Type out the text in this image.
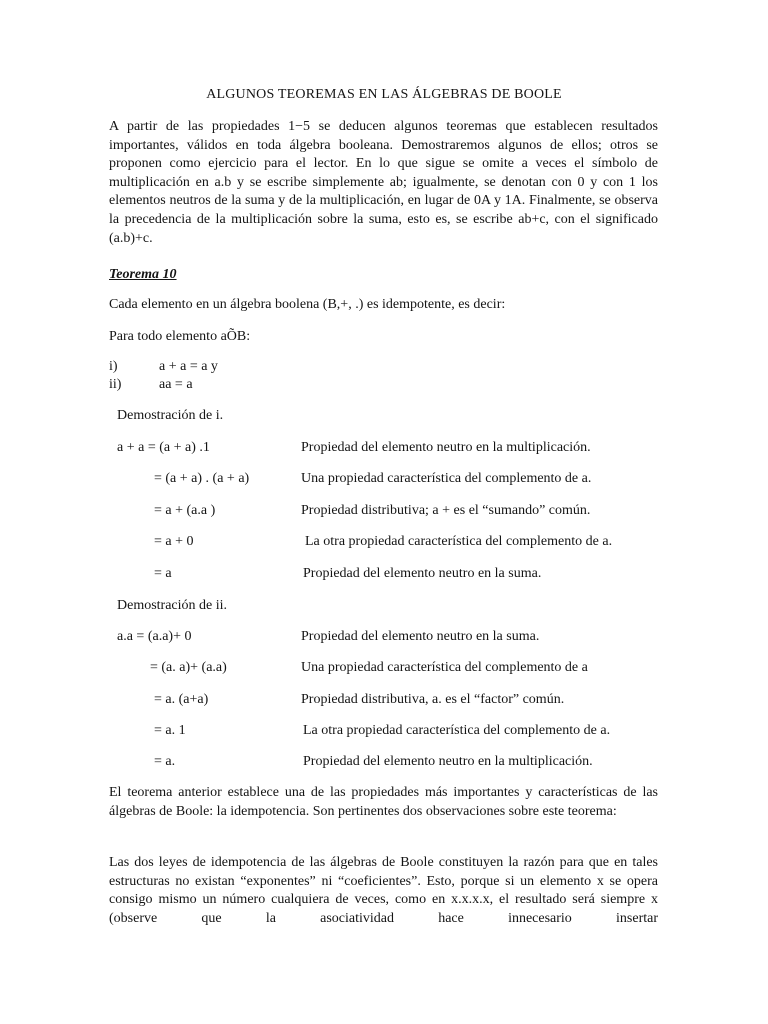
ALGUNOS TEOREMAS EN LAS ÁLGEBRAS DE BOOLE
A partir de las propiedades 1−5 se deducen algunos teoremas que establecen resultados importantes, válidos en toda álgebra booleana. Demostraremos algunos de ellos; otros se proponen como ejercicio para el lector. En lo que sigue se omite a veces el símbolo de multiplicación en a.b y se escribe simplemente ab; igualmente, se denotan con 0 y con 1 los elementos neutros de la suma y de la multiplicación, en lugar de 0A y 1A. Finalmente, se observa la precedencia de la multiplicación sobre la suma, esto es, se escribe ab+c, con el significado (a.b)+c.
Teorema 10
Cada elemento en un álgebra boolena (B,+, .) es idempotente, es decir:
Para todo elemento aÕB:
i)	a + a = a y
ii)	aa = a
Demostración de i.
a + a = (a + a) .1	Propiedad del elemento neutro en la multiplicación.
= (a + a) . (a + a)	Una propiedad característica del complemento de a.
= a + (a.a )	Propiedad distributiva; a + es el “sumando” común.
= a + 0	La otra propiedad característica del complemento de a.
= a	Propiedad del elemento neutro en la suma.
Demostración de ii.
a.a = (a.a)+ 0	Propiedad del elemento neutro en la suma.
= (a. a)+ (a.a)	Una propiedad característica del complemento de a
= a. (a+a)	Propiedad distributiva, a. es el “factor” común.
= a. 1	La otra propiedad característica del complemento de a.
= a.	Propiedad del elemento neutro en la multiplicación.
El teorema anterior establece una de las propiedades más importantes y características de las álgebras de Boole: la idempotencia. Son pertinentes dos observaciones sobre este teorema:
Las dos leyes de idempotencia de las álgebras de Boole constituyen la razón para que en tales estructuras no existan “exponentes” ni “coeficientes”. Esto, porque si un elemento x se opera consigo mismo un número cualquiera de veces, como en x.x.x.x, el resultado será siempre x (observe que la asociatividad hace innecesario insertar
